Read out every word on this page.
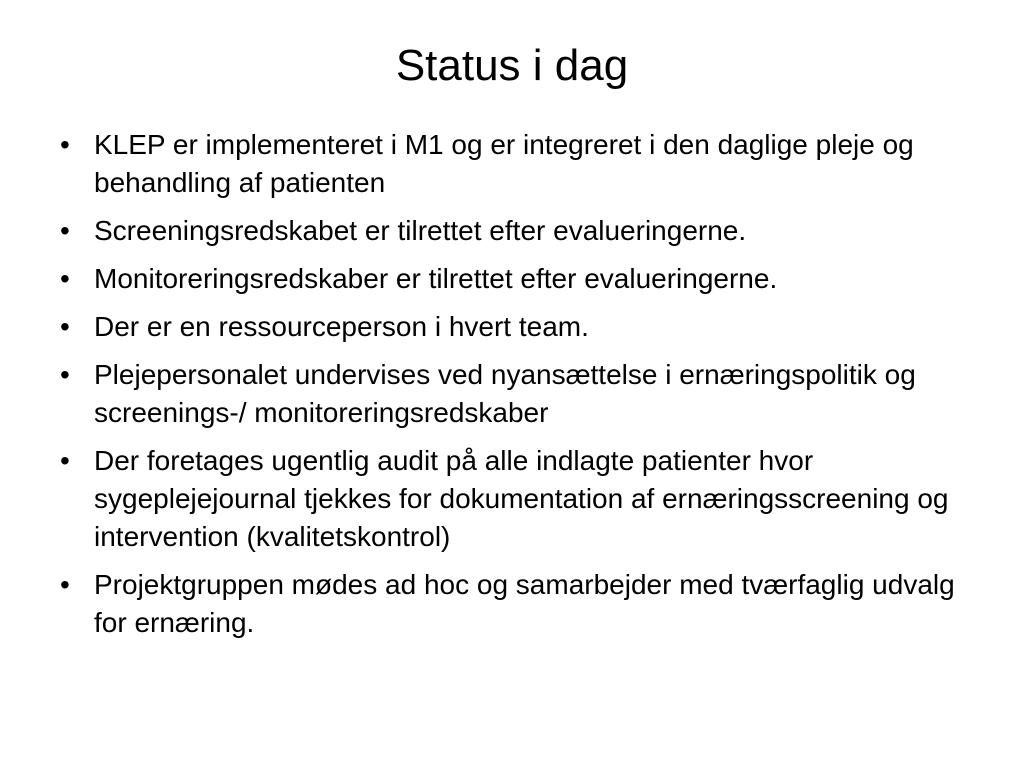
Status i dag
• KLEP er implementeret i M1 og er integreret i den daglige pleje og behandling af patienten
• Screeningsredskabet er tilrettet efter evalueringerne.
• Monitoreringsredskaber er tilrettet efter evalueringerne.
• Der er en ressourceperson i hvert team.
• Plejepersonalet undervises ved nyansættelse i ernæringspolitik og screenings-/ monitoreringsredskaber
• Der foretages ugentlig audit på alle indlagte patienter hvor sygeplejejournal tjekkes for dokumentation af ernæringsscreening og intervention (kvalitetskontrol)
• Projektgruppen mødes ad hoc og samarbejder med tværfaglig udvalg for ernæring.
